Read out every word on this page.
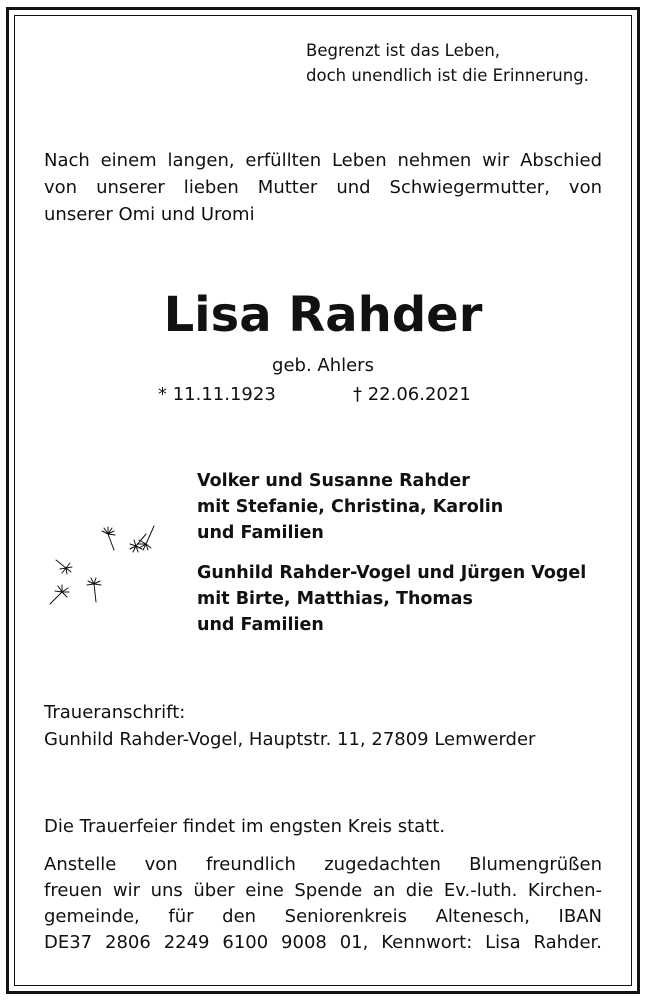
Begrenzt ist das Leben,
doch unendlich ist die Erinnerung.
Nach einem langen, erfüllten Leben nehmen wir Abschied
von unserer lieben Mutter und Schwiegermutter, von
unserer Omi und Uromi
Lisa Rahder
geb. Ahlers
* 11.11.1923	† 22.06.2021
Volker und Susanne Rahder
mit Stefanie, Christina, Karolin
und Familien
Gunhild Rahder-Vogel und Jürgen Vogel
mit Birte, Matthias, Thomas
und Familien
Traueranschrift:
Gunhild Rahder-Vogel, Hauptstr. 11, 27809 Lemwerder
Die Trauerfeier findet im engsten Kreis statt.
Anstelle von freundlich zugedachten Blumengrüßen
freuen wir uns über eine Spende an die Ev.-luth. Kirchen-
gemeinde, für den Seniorenkreis Altenesch, IBAN
DE37 2806 2249 6100 9008 01, Kennwort: Lisa Rahder.
